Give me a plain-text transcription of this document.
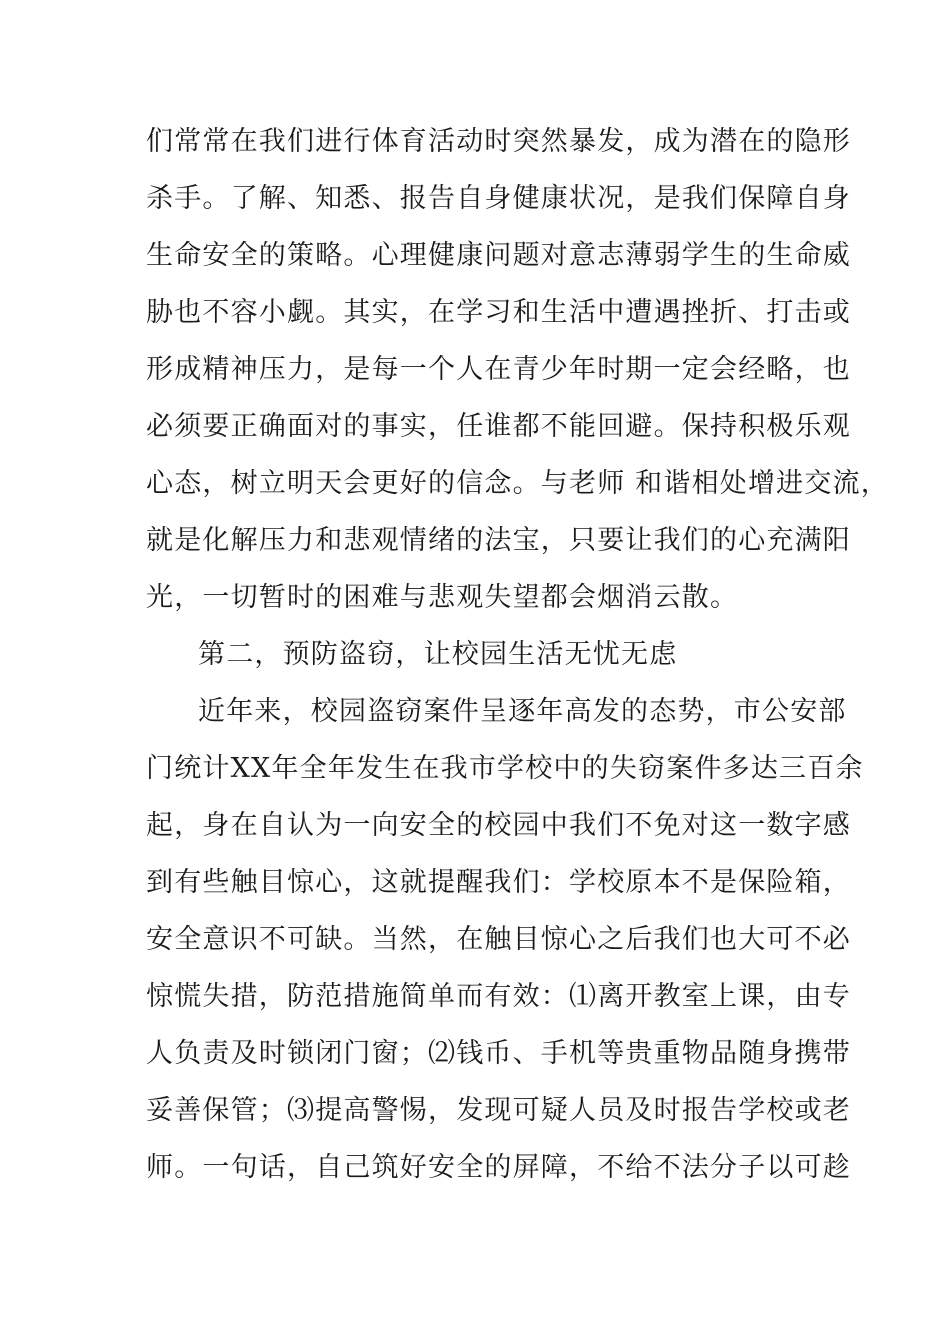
们常常在我们进行体育活动时突然暴发，成为潜在的隐形
杀手。了解、知悉、报告自身健康状况，是我们保障自身
生命安全的策略。心理健康问题对意志薄弱学生的生命威
胁也不容小觑。其实，在学习和生活中遭遇挫折、打击或
形成精神压力，是每一个人在青少年时期一定会经略，也
必须要正确面对的事实，任谁都不能回避。保持积极乐观
心态，树立明天会更好的信念。与老师 和谐相处增进交流，
就是化解压力和悲观情绪的法宝，只要让我们的心充满阳
光，一切暂时的困难与悲观失望都会烟消云散。
第二，预防盗窃，让校园生活无忧无虑
近年来，校园盗窃案件呈逐年高发的态势，市公安部
门统计XX年全年发生在我市学校中的失窃案件多达三百余
起，身在自认为一向安全的校园中我们不免对这一数字感
到有些触目惊心，这就提醒我们：学校原本不是保险箱，
安全意识不可缺。当然，在触目惊心之后我们也大可不必
惊慌失措，防范措施简单而有效：⑴离开教室上课，由专
人负责及时锁闭门窗；⑵钱币、手机等贵重物品随身携带
妥善保管；⑶提高警惕，发现可疑人员及时报告学校或老
师。一句话，自己筑好安全的屏障，不给不法分子以可趁
